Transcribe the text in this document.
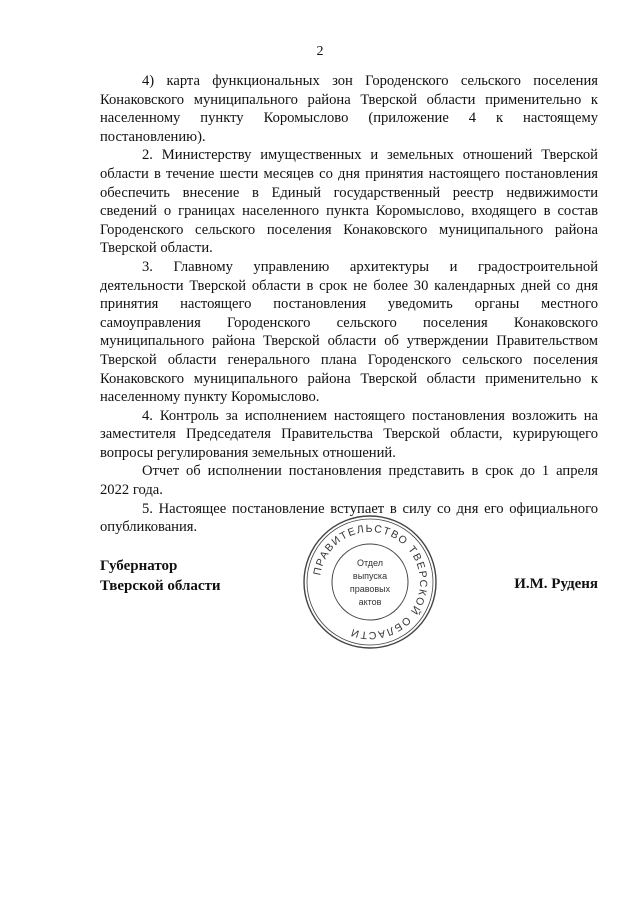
2

4) карта функциональных зон Городенского сельского поселения Конаковского муниципального района Тверской области применительно к населенному пункту Коромыслово (приложение 4 к настоящему постановлению).

2. Министерству имущественных и земельных отношений Тверской области в течение шести месяцев со дня принятия настоящего постановления обеспечить внесение в Единый государственный реестр недвижимости сведений о границах населенного пункта Коромыслово, входящего в состав Городенского сельского поселения Конаковского муниципального района Тверской области.

3. Главному управлению архитектуры и градостроительной деятельности Тверской области в срок не более 30 календарных дней со дня принятия настоящего постановления уведомить органы местного самоуправления Городенского сельского поселения Конаковского муниципального района Тверской области об утверждении Правительством Тверской области генерального плана Городенского сельского поселения Конаковского муниципального района Тверской области применительно к населенному пункту Коромыслово.

4. Контроль за исполнением настоящего постановления возложить на заместителя Председателя Правительства Тверской области, курирующего вопросы регулирования земельных отношений.

Отчет об исполнении постановления представить в срок до 1 апреля 2022 года.

5. Настоящее постановление вступает в силу со дня его официального опубликования.

Губернатор
Тверской области	И.М. Руденя
ПРАВИТЕЛЬСТВО ТВЕРСКОЙ ОБЛАСТИ
Отдел
выпуска
правовых
актов
